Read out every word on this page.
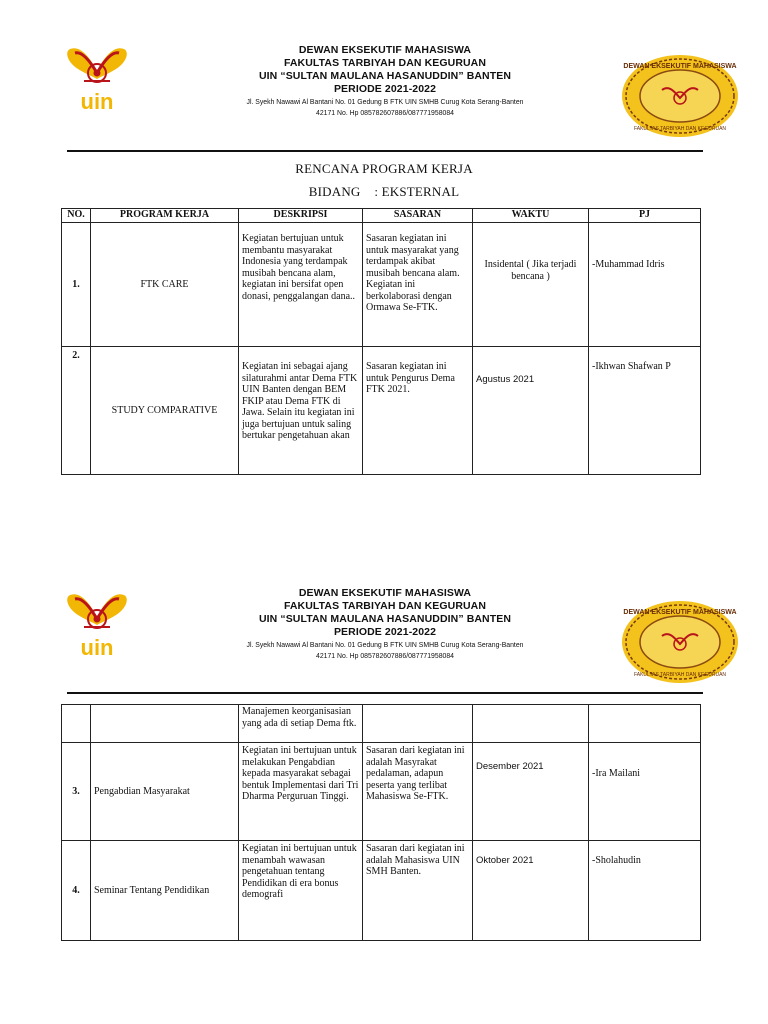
uin
DEWAN EKSEKUTIF MAHASISWA
FAKULTAS TARBIYAH DAN KEGURUAN
UIN “SULTAN MAULANA HASANUDDIN” BANTEN
PERIODE 2021-2022
Jl. Syekh Nawawi Al Bantani No. 01 Gedung B FTK UIN SMHB Curug Kota Serang-Banten
42171 No. Hp 085782607886/087771958084
DEWAN EKSEKUTIF MAHASISWA
FAKULTAS TARBIYAH DAN KEGURUAN
RENCANA PROGRAM KERJA
BIDANG : EKSTERNAL
NO.	PROGRAM KERJA	DESKRIPSI	SASARAN	WAKTU	PJ
1.	FTK CARE	Kegiatan bertujuan untuk membantu masyarakat Indonesia yang terdampak musibah bencana alam, kegiatan ini bersifat open donasi, penggalangan dana..	Sasaran kegiatan ini untuk masyarakat yang terdampak akibat musibah bencana alam. Kegiatan ini berkolaborasi dengan Ormawa Se-FTK.	Insidental ( Jika terjadi bencana )	-Muhammad Idris

2.	STUDY COMPARATIVE	Kegiatan ini sebagai ajang silaturahmi antar Dema FTK UIN Banten dengan BEM FKIP atau Dema FTK di Jawa. Selain itu kegiatan ini juga bertujuan untuk saling bertukar pengetahuan akan	Sasaran kegiatan ini untuk Pengurus Dema FTK 2021.	Agustus 2021	-Ikhwan Shafwan P
uin
DEWAN EKSEKUTIF MAHASISWA
FAKULTAS TARBIYAH DAN KEGURUAN
UIN “SULTAN MAULANA HASANUDDIN” BANTEN
PERIODE 2021-2022
Jl. Syekh Nawawi Al Bantani No. 01 Gedung B FTK UIN SMHB Curug Kota Serang-Banten
42171 No. Hp 085782607886/087771958084
DEWAN EKSEKUTIF MAHASISWA
FAKULTAS TARBIYAH DAN KEGURUAN

		Manajemen keorganisasian yang ada di setiap Dema ftk.			

3.	Pengabdian Masyarakat	Kegiatan ini bertujuan untuk melakukan Pengabdian kepada masyarakat sebagai bentuk Implementasi dari Tri Dharma Perguruan Tinggi.	Sasaran dari kegiatan ini adalah Masyrakat pedalaman, adapun peserta yang terlibat Mahasiswa Se-FTK.	Desember 2021	-Ira Mailani

4.	Seminar Tentang Pendidikan	Kegiatan ini bertujuan untuk menambah wawasan pengetahuan tentang Pendidikan di era bonus demografi	Sasaran dari kegiatan ini adalah Mahasiswa UIN SMH Banten.	Oktober 2021	-Sholahudin
